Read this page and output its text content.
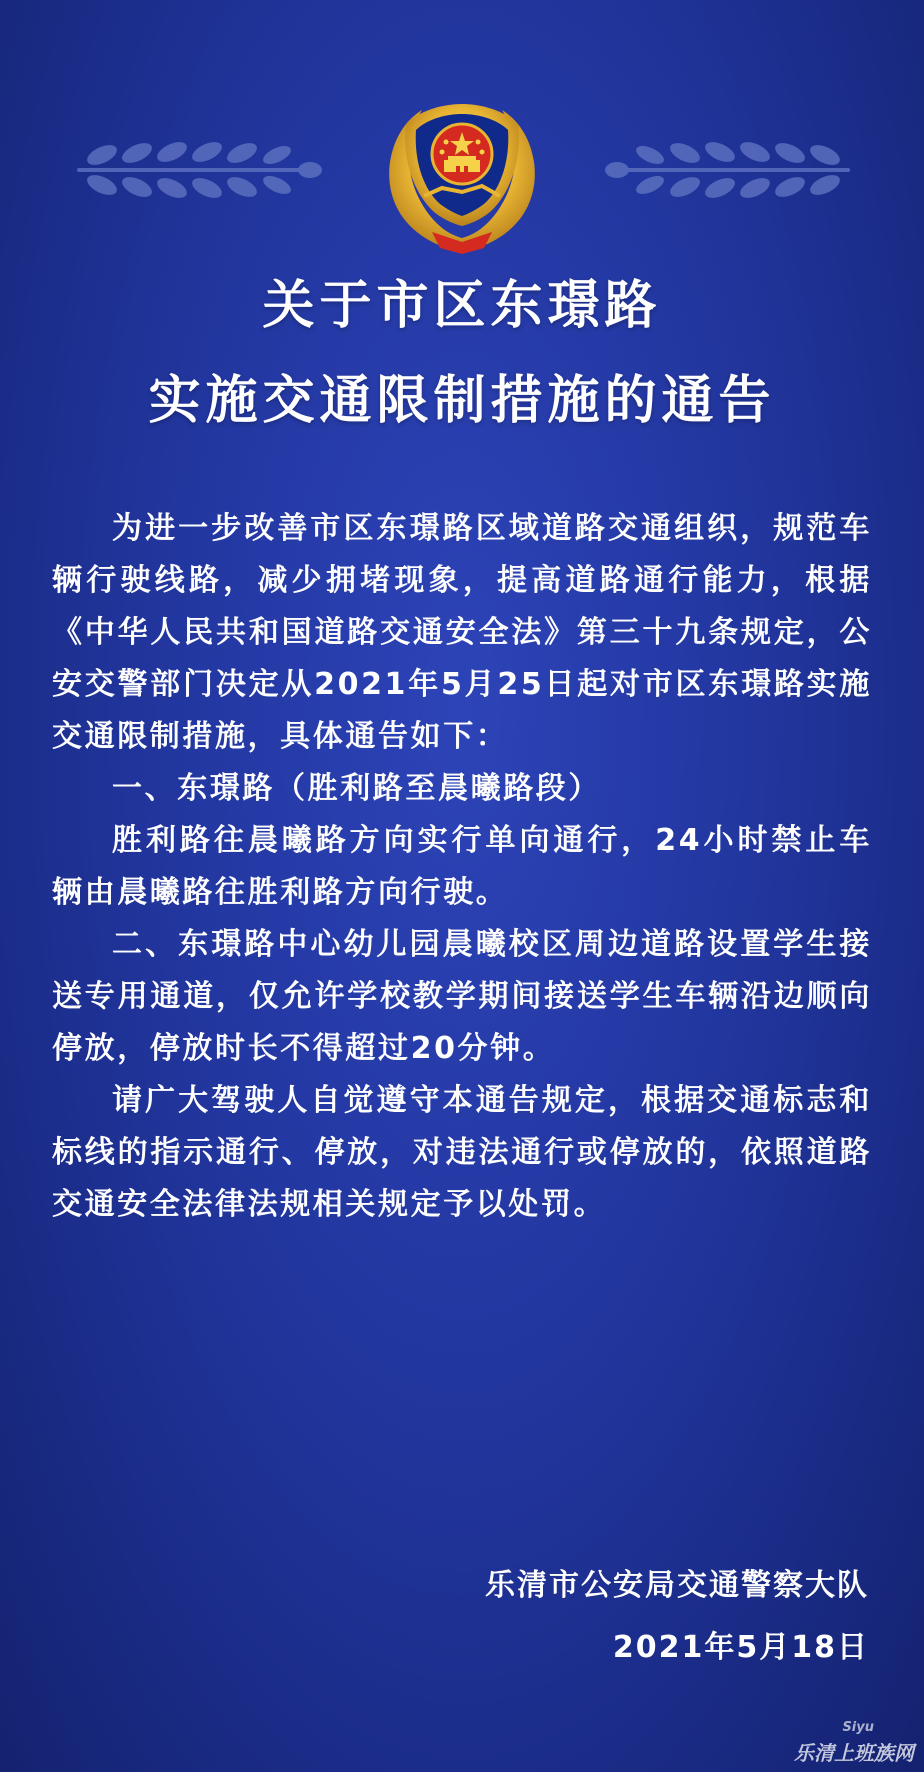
关于市区东璟路
实施交通限制措施的通告

为进一步改善市区东璟路区域道路交通组织，规范车辆行驶线路，减少拥堵现象，提高道路通行能力，根据《中华人民共和国道路交通安全法》第三十九条规定，公安交警部门决定从2021年5月25日起对市区东璟路实施交通限制措施，具体通告如下：

一、东璟路（胜利路至晨曦路段）

胜利路往晨曦路方向实行单向通行，24小时禁止车辆由晨曦路往胜利路方向行驶。

二、东璟路中心幼儿园晨曦校区周边道路设置学生接送专用通道，仅允许学校教学期间接送学生车辆沿边顺向停放，停放时长不得超过20分钟。

请广大驾驶人自觉遵守本通告规定，根据交通标志和标线的指示通行、停放，对违法通行或停放的，依照道路交通安全法律法规相关规定予以处罚。

乐清市公安局交通警察大队
2021年5月18日
Siyu
乐清上班族网
